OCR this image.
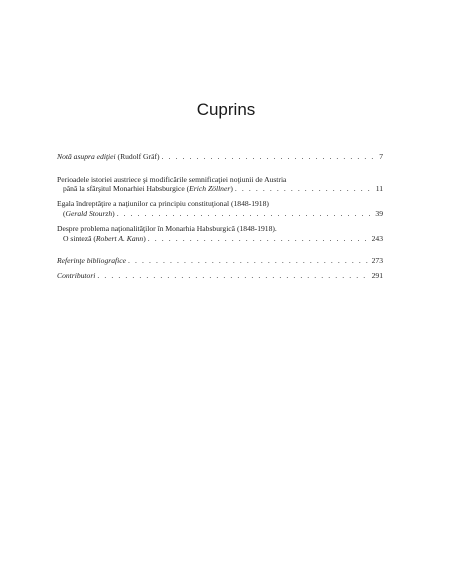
Cuprins
Notă asupra ediţiei (Rudolf Gräf) . . .	7
Perioadele istoriei austriece şi modificările semnificaţiei noţiunii de Austria
până la sfârşitul Monarhiei Habsburgice (Erich Zöllner) . . .	11
Egala îndreptăţire a naţiunilor ca principiu constituţional (1848-1918)
(Gerald Stourzh) . . .	39
Despre problema naţionalităţilor în Monarhia Habsburgică (1848-1918).
O sinteză (Robert A. Kann) . . .	243
Referinţe bibliografice . . .	273
Contributori . . .	291
